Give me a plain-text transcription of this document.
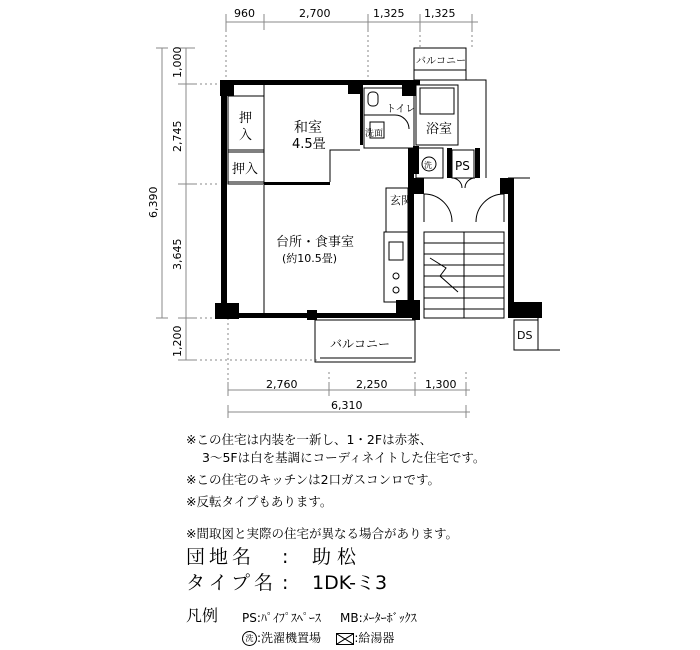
960	2,700	1,325 1,325
1,000
2,745
3,645
1,200
6,390
2,760	2,250	1,300
6,310
和室
4.5畳
押入
押入
台所・食事室
(約10.5畳)
トイレ
洗面	浴室
玄関
バルコニー
バルコニー
PS
DS
洗
※この住宅は内装を一新し、1・2Fは赤茶、
3〜5Fは白を基調にコーディネイトした住宅です。
※この住宅のキッチンは2口ガスコンロです。
※反転タイプもあります。
※間取図と実際の住宅が異なる場合があります。
団地名	:	助松
タイプ名 :	1DK-ミ3
凡例 PS:ﾊﾟｲﾌﾟｽﾍﾟｰｽ MB:ﾒｰﾀｰﾎﾞｯｸｽ
洗 :洗濯機置場	:給湯器
